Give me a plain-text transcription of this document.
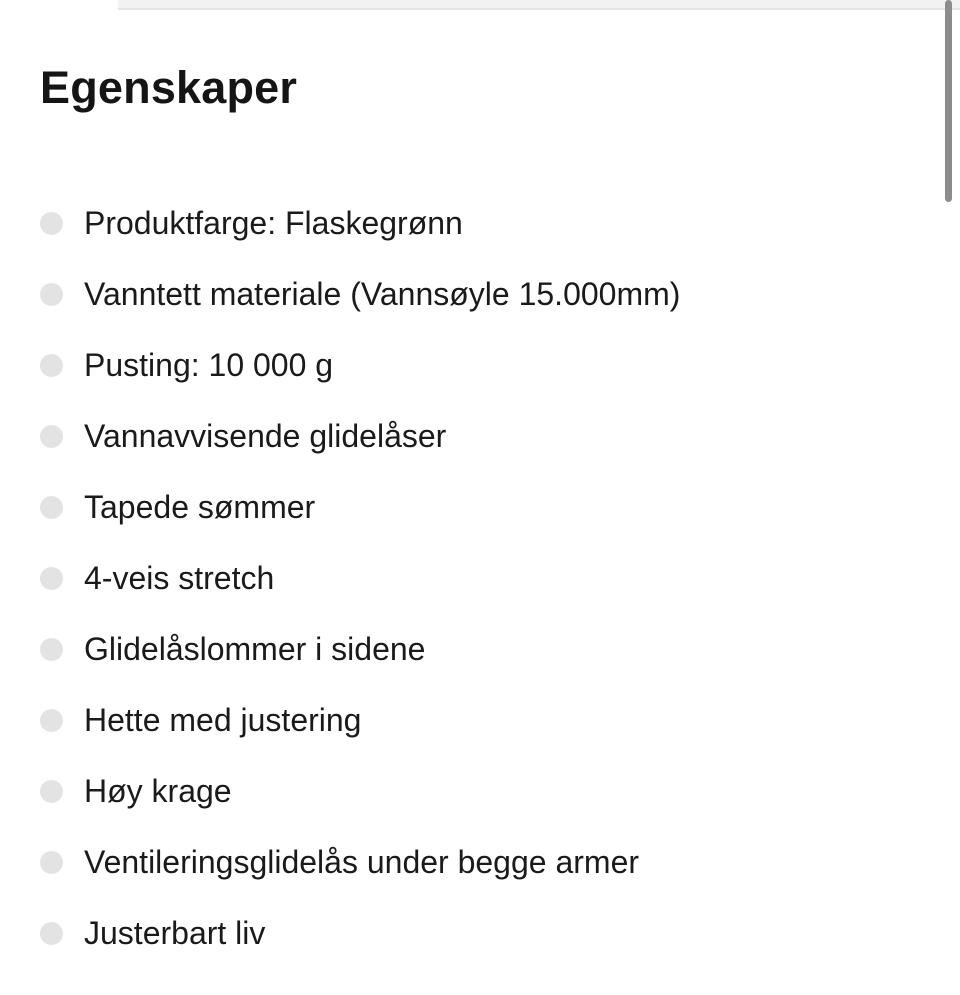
Egenskaper
Produktfarge: Flaskegrønn
Vanntett materiale (Vannsøyle 15.000mm)
Pusting: 10 000 g
Vannavvisende glidelåser
Tapede sømmer
4-veis stretch
Glidelåslommer i sidene
Hette med justering
Høy krage
Ventileringsglidelås under begge armer
Justerbart liv
